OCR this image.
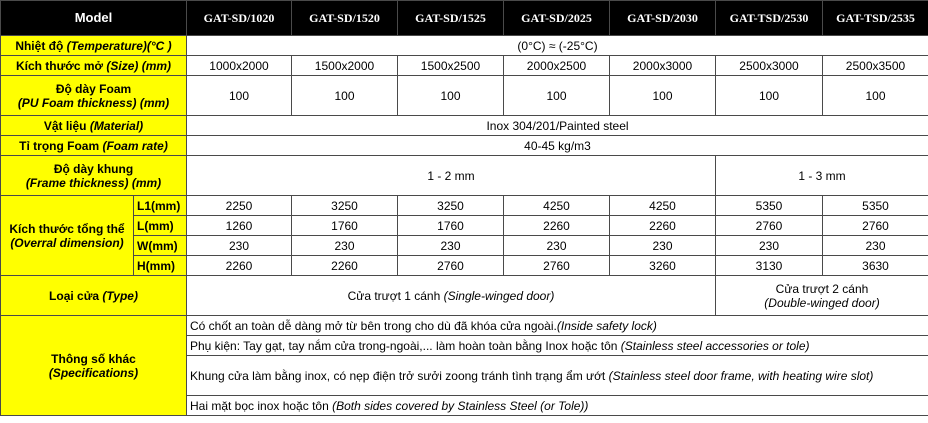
Model		GAT-SD/1020	GAT-SD/1520	GAT-SD/1525	GAT-SD/2025	GAT-SD/2030	GAT-TSD/2530	GAT-TSD/2535
Nhiệt độ (Temperature)(°C )		(0°C) ≈ (-25°C)						
Kích thước mở (Size) (mm)		1000x2000	1500x2000	1500x2500	2000x2500	2000x3000	2500x3000	2500x3500
Độ dày Foam
(PU Foam thickness) (mm)		100	100	100	100	100	100	100
Vật liệu (Material)		Inox 304/201/Painted steel						
Tỉ trọng Foam (Foam rate)		40-45 kg/m3						
Độ dày khung
(Frame thickness) (mm)		1 - 2 mm					1 - 3 mm	
Kích thước tổng thể
(Overral dimension)	L1(mm)	2250	3250	3250	4250	4250	5350	5350
	L(mm)	1260	1760	1760	2260	2260	2760	2760
	W(mm)	230	230	230	230	230	230	230
	H(mm)	2260	2260	2760	2760	3260	3130	3630
Loại cửa (Type)		Cửa trượt 1 cánh (Single-winged door)					Cửa trượt 2 cánh
(Double-winged door)	
Thông số khác
(Specifications)		Có chốt an toàn dễ dàng mở từ bên trong cho dù đã khóa cửa ngoài.(Inside safety lock)						
		Phụ kiện: Tay gạt, tay nắm cửa trong-ngoài,... làm hoàn toàn bằng Inox hoặc tôn (Stainless steel accessories or tole)						
		Khung cửa làm bằng inox, có nẹp điện trở sưởi zoong tránh tình trạng ẩm ướt (Stainless steel door frame, with heating wire slot)						
		Hai mặt bọc inox hoặc tôn (Both sides covered by Stainless Steel (or Tole))						
